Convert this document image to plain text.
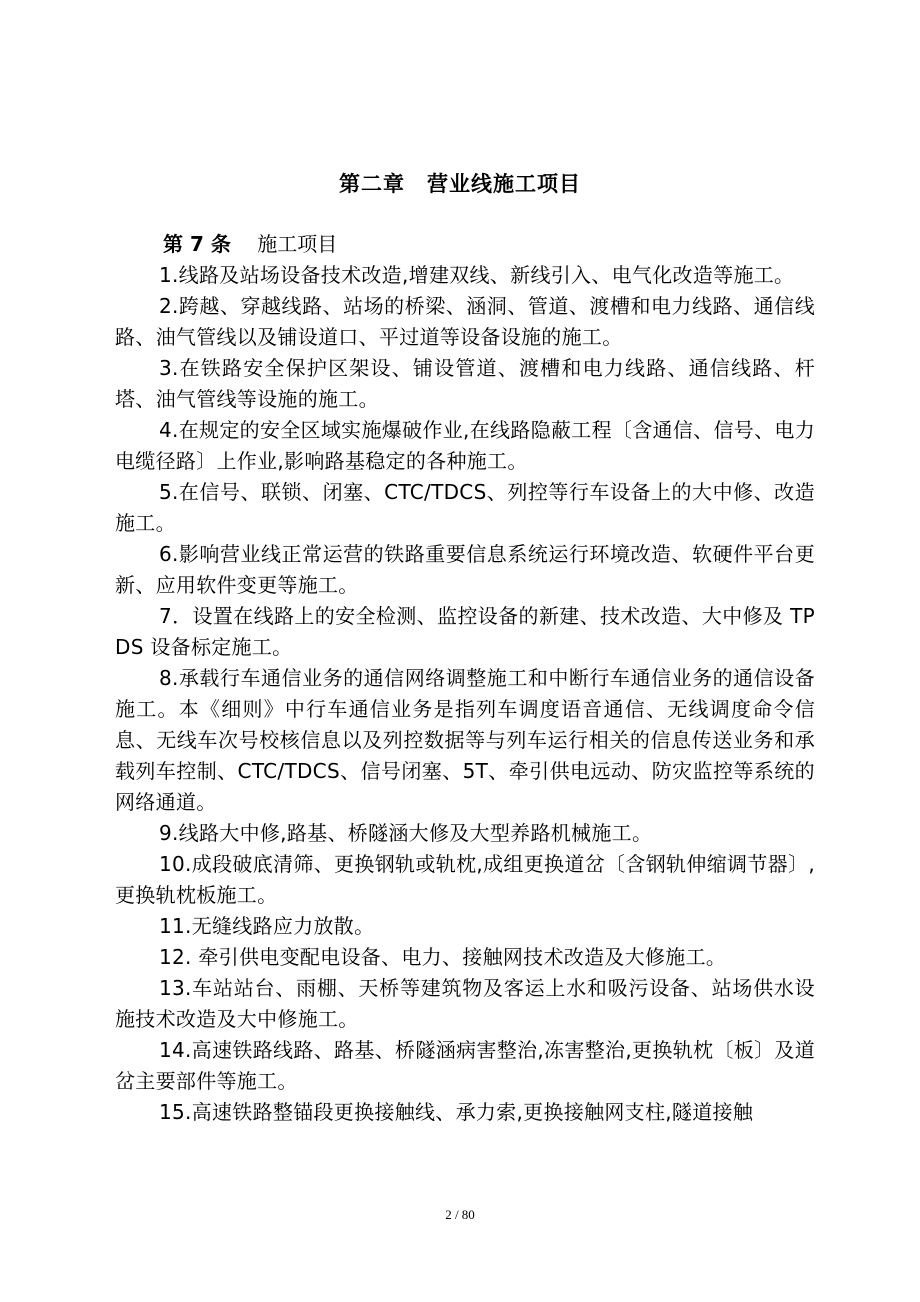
第二章　营业线施工项目

第 7 条　 施工项目

1.线路及站场设备技术改造,增建双线、新线引入、电气化改造等施工。

2.跨越、穿越线路、站场的桥梁、涵洞、管道、渡槽和电力线路、通信线路、油气管线以及铺设道口、平过道等设备设施的施工。

3.在铁路安全保护区架设、铺设管道、渡槽和电力线路、通信线路、杆塔、油气管线等设施的施工。

4.在规定的安全区域实施爆破作业,在线路隐蔽工程〔含通信、信号、电力电缆径路〕上作业,影响路基稳定的各种施工。

5.在信号、联锁、闭塞、CTC/TDCS、列控等行车设备上的大中修、改造施工。

6.影响营业线正常运营的铁路重要信息系统运行环境改造、软硬件平台更新、应用软件变更等施工。

7．设置在线路上的安全检测、监控设备的新建、技术改造、大中修及 TPDS 设备标定施工。

8.承载行车通信业务的通信网络调整施工和中断行车通信业务的通信设备施工。本《细则》中行车通信业务是指列车调度语音通信、无线调度命令信息、无线车次号校核信息以及列控数据等与列车运行相关的信息传送业务和承载列车控制、CTC/TDCS、信号闭塞、5T、牵引供电远动、防灾监控等系统的网络通道。

9.线路大中修,路基、桥隧涵大修及大型养路机械施工。

10.成段破底清筛、更换钢轨或轨枕,成组更换道岔〔含钢轨伸缩调节器〕,更换轨枕板施工。

11.无缝线路应力放散。

12. 牵引供电变配电设备、电力、接触网技术改造及大修施工。

13.车站站台、雨棚、天桥等建筑物及客运上水和吸污设备、站场供水设施技术改造及大中修施工。

14.高速铁路线路、路基、桥隧涵病害整治,冻害整治,更换轨枕〔板〕及道岔主要部件等施工。

15.高速铁路整锚段更换接触线、承力索,更换接触网支柱,隧道接触

2 / 80
